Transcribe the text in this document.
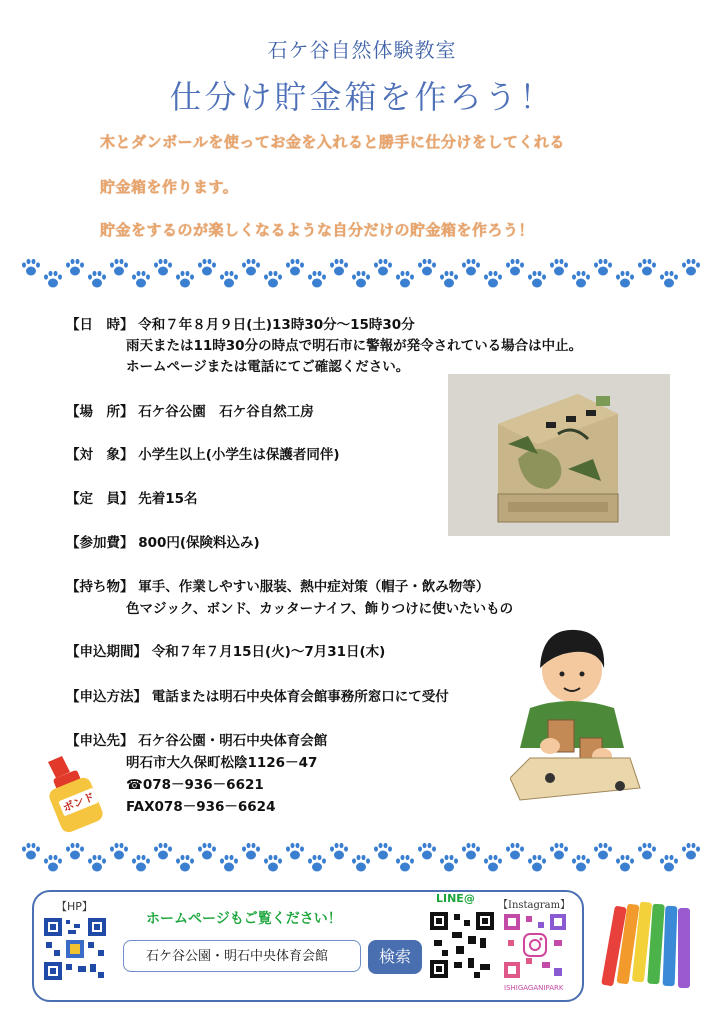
石ケ谷自然体験教室
仕分け貯金箱を作ろう！
木とダンボールを使ってお金を入れると勝手に仕分けをしてくれる
貯金箱を作ります。
貯金をするのが楽しくなるような自分だけの貯金箱を作ろう！
【日　時】 令和７年８月９日(土)13時30分～15時30分
雨天または11時30分の時点で明石市に警報が発令されている場合は中止。
ホームページまたは電話にてご確認ください。
【場　所】 石ケ谷公園　石ケ谷自然工房
【対　象】 小学生以上(小学生は保護者同伴)
【定　員】 先着15名
【参加費】 800円(保険料込み)
【持ち物】 軍手、作業しやすい服装、熱中症対策（帽子・飲み物等）
色マジック、ボンド、カッターナイフ、飾りつけに使いたいもの
【申込期間】 令和７年７月15日(火)～7月31日(木)
【申込方法】 電話または明石中央体育会館事務所窓口にて受付
【申込先】 石ケ谷公園・明石中央体育会館
明石市大久保町松陰1126－47
☎078－936－6621
FAX078－936－6624
ボンド
【HP】
ホームページもご覧ください！
石ケ谷公園・明石中央体育会館	検索
LINE@
【Instagram】
ISHIGAGANIPARK
